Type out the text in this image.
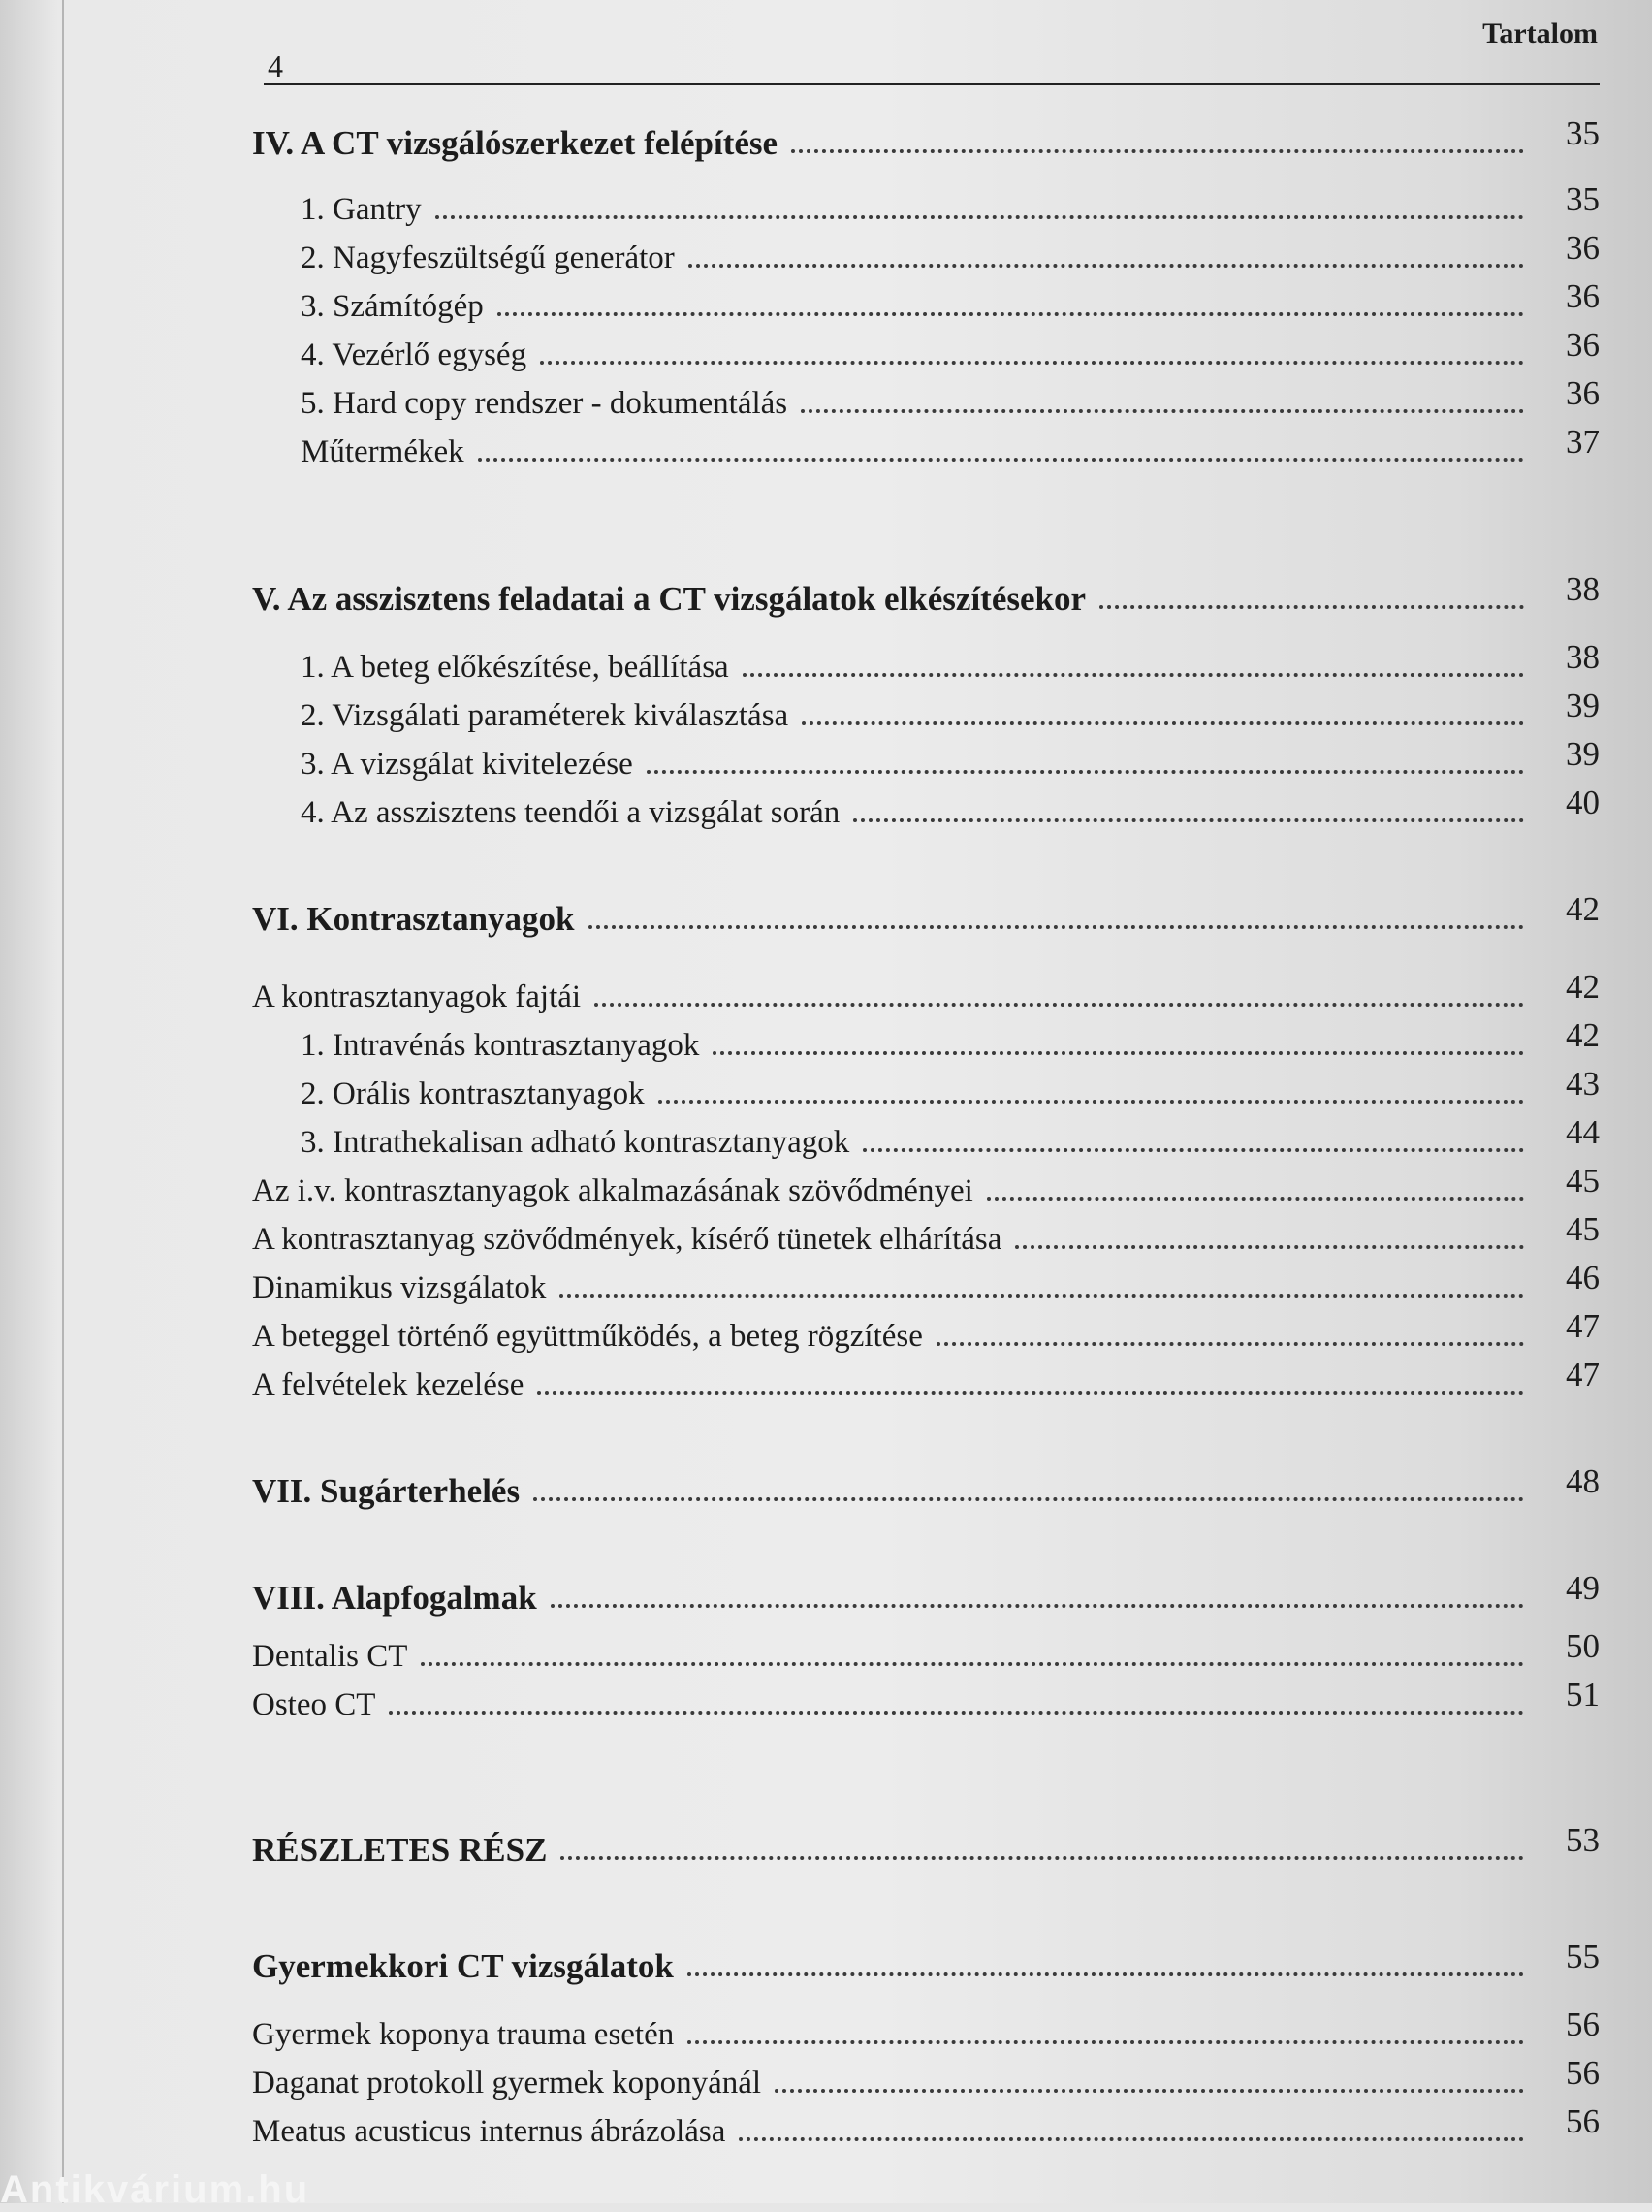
4
Tartalom
IV. A CT vizsgálószerkezet felépítése	35
1. Gantry	35
2. Nagyfeszültségű generátor	36
3. Számítógép	36
4. Vezérlő egység	36
5. Hard copy rendszer - dokumentálás	36
Műtermékek	37
V. Az asszisztens feladatai a CT vizsgálatok elkészítésekor	38
1. A beteg előkészítése, beállítása	38
2. Vizsgálati paraméterek kiválasztása	39
3. A vizsgálat kivitelezése	39
4. Az asszisztens teendői a vizsgálat során	40
VI. Kontrasztanyagok	42
A kontrasztanyagok fajtái	42
1. Intravénás kontrasztanyagok	42
2. Orális kontrasztanyagok	43
3. Intrathekalisan adható kontrasztanyagok	44
Az i.v. kontrasztanyagok alkalmazásának szövődményei	45
A kontrasztanyag szövődmények, kísérő tünetek elhárítása	45
Dinamikus vizsgálatok	46
A beteggel történő együttműködés, a beteg rögzítése	47
A felvételek kezelése	47
VII. Sugárterhelés	48
VIII. Alapfogalmak	49
Dentalis CT	50
Osteo CT	51
RÉSZLETES RÉSZ	53
Gyermekkori CT vizsgálatok	55
Gyermek koponya trauma esetén	56
Daganat protokoll gyermek koponyánál	56
Meatus acusticus internus ábrázolása	56
Antikvárium.hu
